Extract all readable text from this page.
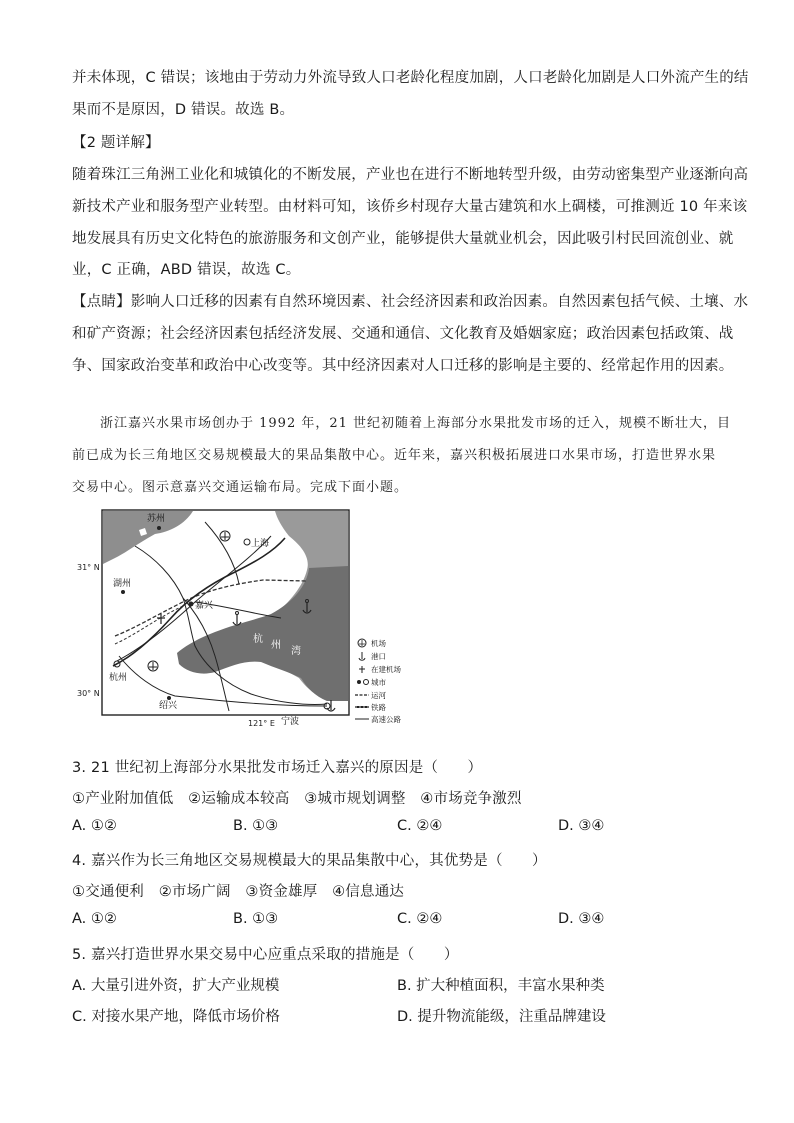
并未体现，C 错误；该地由于劳动力外流导致人口老龄化程度加剧，人口老龄化加剧是人口外流产生的结
果而不是原因，D 错误。故选 B。
【2 题详解】
随着珠江三角洲工业化和城镇化的不断发展，产业也在进行不断地转型升级，由劳动密集型产业逐渐向高
新技术产业和服务型产业转型。由材料可知，该侨乡村现存大量古建筑和水上碉楼，可推测近 10 年来该
地发展具有历史文化特色的旅游服务和文创产业，能够提供大量就业机会，因此吸引村民回流创业、就
业，C 正确，ABD 错误，故选 C。
【点睛】影响人口迁移的因素有自然环境因素、社会经济因素和政治因素。自然因素包括气候、土壤、水
和矿产资源；社会经济因素包括经济发展、交通和通信、文化教育及婚姻家庭；政治因素包括政策、战
争、国家政治变革和政治中心改变等。其中经济因素对人口迁移的影响是主要的、经常起作用的因素。
浙江嘉兴水果市场创办于 1992 年，21 世纪初随着上海部分水果批发市场的迁入，规模不断壮大，目
前已成为长三角地区交易规模最大的果品集散中心。近年来，嘉兴积极拓展进口水果市场，打造世界水果
交易中心。图示意嘉兴交通运输布局。完成下面小题。
31° N
30° N
121° E
苏州
上海
湖州
嘉兴
杭州
绍兴
宁波
杭
州
湾
机场
港口
在建机场
城市
运河
铁路
高速公路
3. 21 世纪初上海部分水果批发市场迁入嘉兴的原因是（　　）
①产业附加值低　②运输成本较高　③城市规划调整　④市场竞争激烈
A. ①②	B. ①③	C. ②④	D. ③④
4. 嘉兴作为长三角地区交易规模最大的果品集散中心，其优势是（　　）
①交通便利　②市场广阔　③资金雄厚　④信息通达
A. ①②	B. ①③	C. ②④	D. ③④
5. 嘉兴打造世界水果交易中心应重点采取的措施是（　　）
A. 大量引进外资，扩大产业规模	B. 扩大种植面积，丰富水果种类
C. 对接水果产地，降低市场价格	D. 提升物流能级，注重品牌建设
